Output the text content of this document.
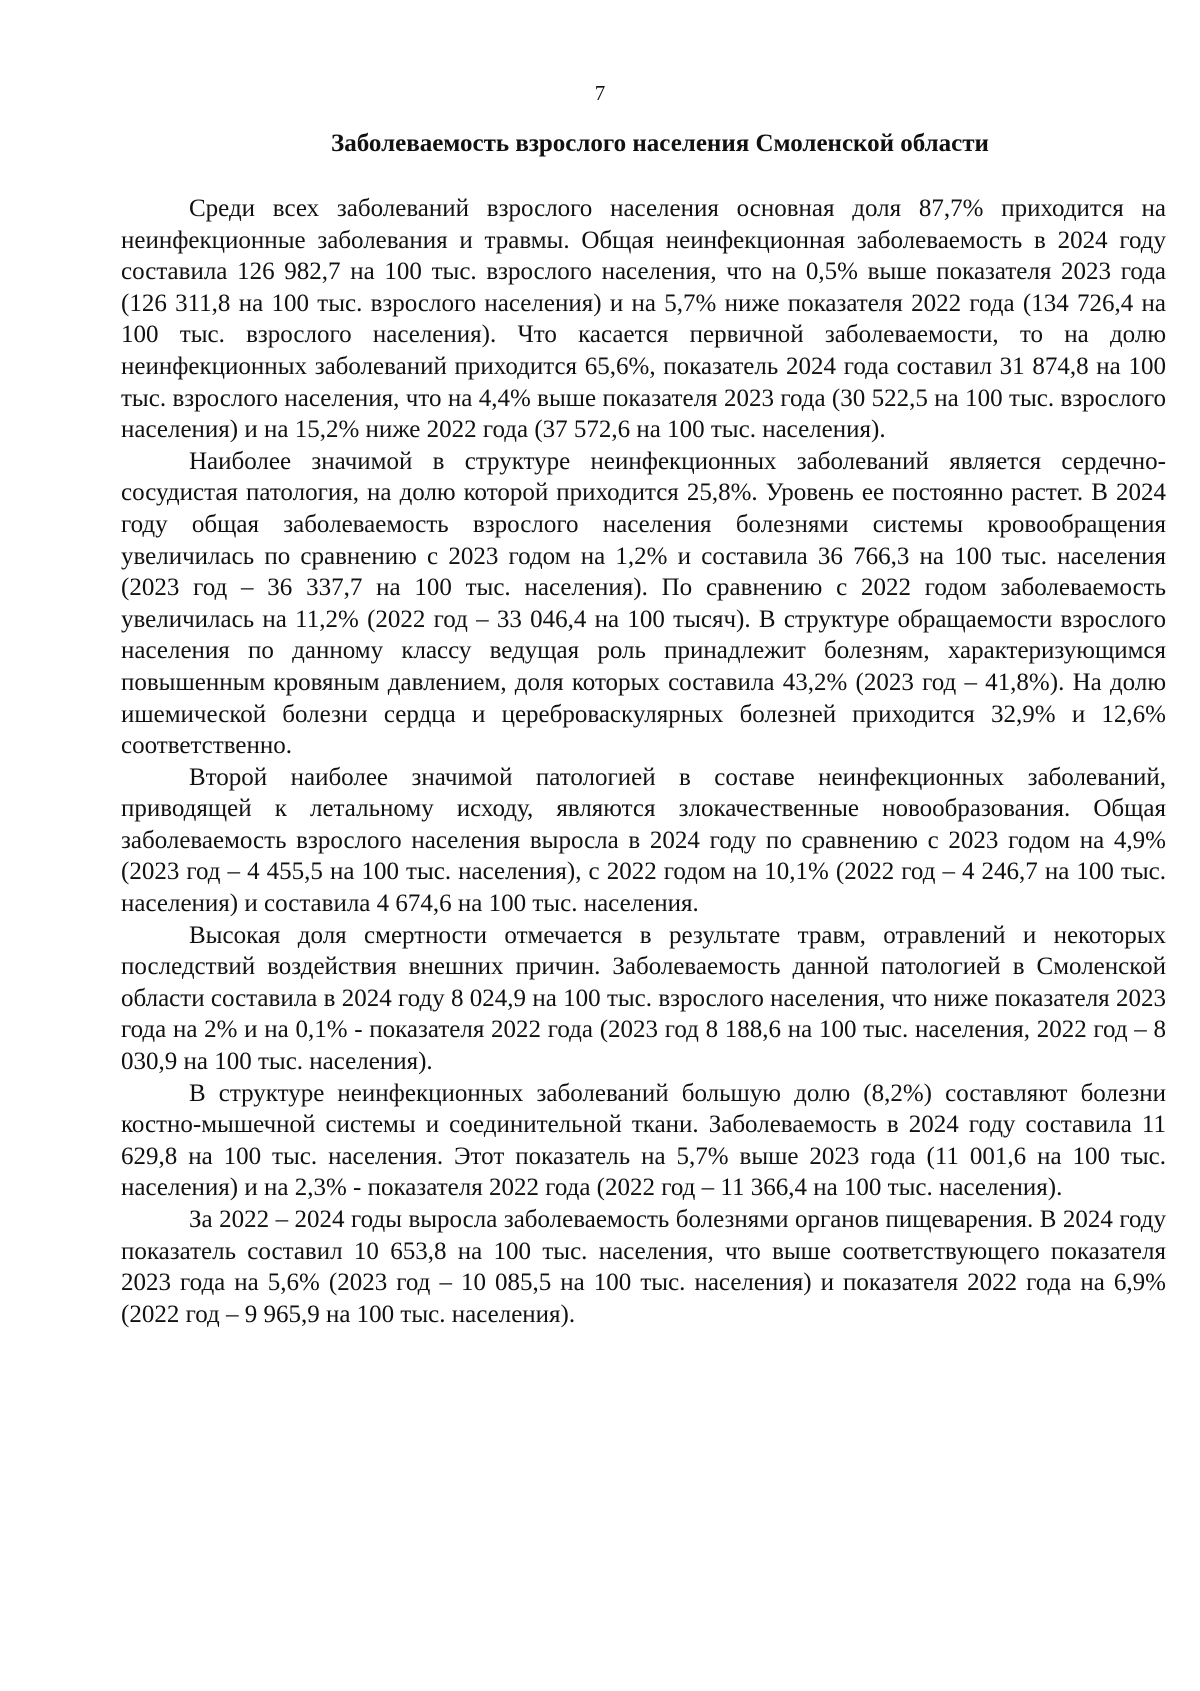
7
Заболеваемость взрослого населения Смоленской области

Среди всех заболеваний взрослого населения основная доля 87,7% приходится на неинфекционные заболевания и травмы. Общая неинфекционная заболеваемость в 2024 году составила 126 982,7 на 100 тыс. взрослого населения, что на 0,5% выше показателя 2023 года (126 311,8 на 100 тыс. взрослого населения) и на 5,7% ниже показателя 2022 года (134 726,4 на 100 тыс. взрослого населения). Что касается первичной заболеваемости, то на долю неинфекционных заболеваний приходится 65,6%, показатель 2024 года составил 31 874,8 на 100 тыс. взрослого населения, что на 4,4% выше показателя 2023 года (30 522,5 на 100 тыс. взрослого населения) и на 15,2% ниже 2022 года (37 572,6 на 100 тыс. населения).

Наиболее значимой в структуре неинфекционных заболеваний является сердечно-сосудистая патология, на долю которой приходится 25,8%. Уровень ее постоянно растет. В 2024 году общая заболеваемость взрослого населения болезнями системы кровообращения увеличилась по сравнению с 2023 годом на 1,2% и составила 36 766,3 на 100 тыс. населения (2023 год – 36 337,7 на 100 тыс. населения). По сравнению с 2022 годом заболеваемость увеличилась на 11,2% (2022 год – 33 046,4 на 100 тысяч). В структуре обращаемости взрослого населения по данному классу ведущая роль принадлежит болезням, характеризующимся повышенным кровяным давлением, доля которых составила 43,2% (2023 год – 41,8%). На долю ишемической болезни сердца и цереброваскулярных болезней приходится 32,9% и 12,6% соответственно.

Второй наиболее значимой патологией в составе неинфекционных заболеваний, приводящей к летальному исходу, являются злокачественные новообразования. Общая заболеваемость взрослого населения выросла в 2024 году по сравнению с 2023 годом на 4,9% (2023 год – 4 455,5 на 100 тыс. населения), с 2022 годом на 10,1% (2022 год – 4 246,7 на 100 тыс. населения) и составила 4 674,6 на 100 тыс. населения.

Высокая доля смертности отмечается в результате травм, отравлений и некоторых последствий воздействия внешних причин. Заболеваемость данной патологией в Смоленской области составила в 2024 году 8 024,9 на 100 тыс. взрослого населения, что ниже показателя 2023 года на 2% и на 0,1% - показателя 2022 года (2023 год 8 188,6 на 100 тыс. населения, 2022 год – 8 030,9 на 100 тыс. населения).

В структуре неинфекционных заболеваний большую долю (8,2%) составляют болезни костно-мышечной системы и соединительной ткани. Заболеваемость в 2024 году составила 11 629,8 на 100 тыс. населения. Этот показатель на 5,7% выше 2023 года (11 001,6 на 100 тыс. населения) и на 2,3% - показателя 2022 года (2022 год – 11 366,4 на 100 тыс. населения).

За 2022 – 2024 годы выросла заболеваемость болезнями органов пищеварения. В 2024 году показатель составил 10 653,8 на 100 тыс. населения, что выше соответствующего показателя 2023 года на 5,6% (2023 год – 10 085,5 на 100 тыс. населения) и показателя 2022 года на 6,9% (2022 год – 9 965,9 на 100 тыс. населения).
